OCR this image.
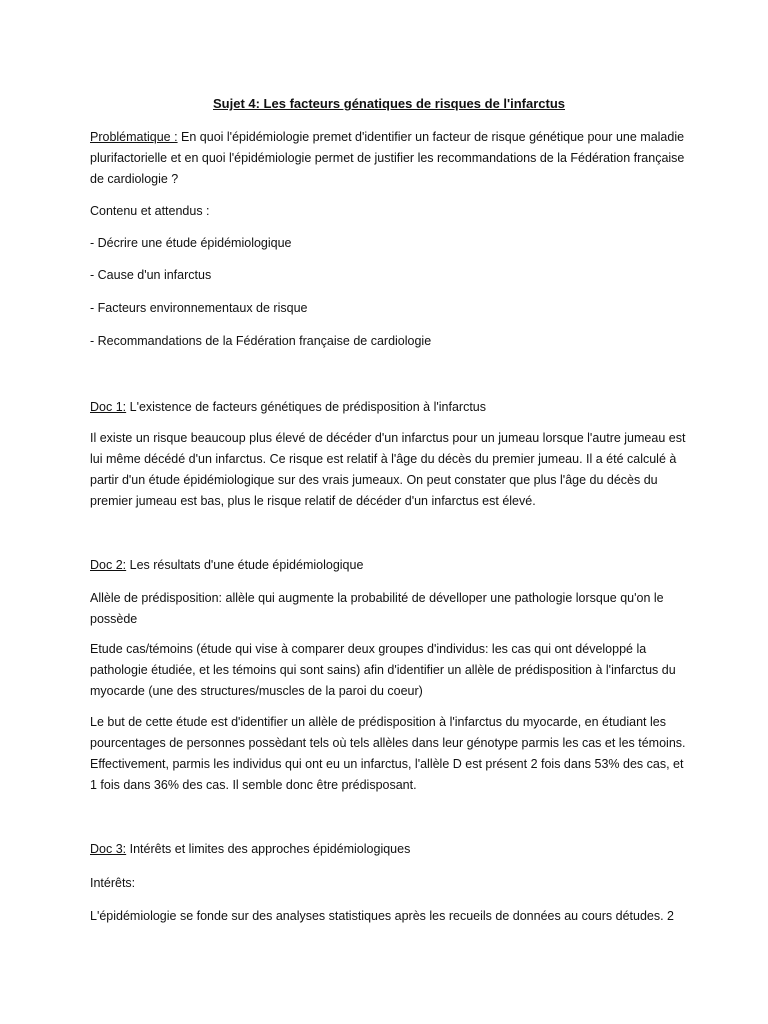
Sujet 4: Les facteurs génatiques de risques de l'infarctus

Problématique : En quoi l'épidémiologie premet d'identifier un facteur de risque génétique pour une maladie plurifactorielle et en quoi l'épidémiologie permet de justifier les recommandations de la Fédération française de cardiologie ?

Contenu et attendus :

- Décrire une étude épidémiologique

- Cause d'un infarctus

- Facteurs environnementaux de risque

- Recommandations de la Fédération française de cardiologie

Doc 1: L'existence de facteurs génétiques de prédisposition à l'infarctus

Il existe un risque beaucoup plus élevé de décéder d'un infarctus pour un jumeau lorsque l'autre jumeau est lui même décédé d'un infarctus. Ce risque est relatif à l'âge du décès du premier jumeau. Il a été calculé à partir d'un étude épidémiologique sur des vrais jumeaux. On peut constater que plus l'âge du décès du premier jumeau est bas, plus le risque relatif de décéder d'un infarctus est élevé.

Doc 2: Les résultats d'une étude épidémiologique

Allèle de prédisposition: allèle qui augmente la probabilité de dévelloper une pathologie lorsque qu'on le possède

Etude cas/témoins (étude qui vise à comparer deux groupes d'individus: les cas qui ont développé la pathologie étudiée, et les témoins qui sont sains) afin d'identifier un allèle de prédisposition à l'infarctus du myocarde (une des structures/muscles de la paroi du coeur)

Le but de cette étude est d'identifier un allèle de prédisposition à l'infarctus du myocarde, en étudiant les pourcentages de personnes possèdant tels où tels allèles dans leur génotype parmis les cas et les témoins. Effectivement, parmis les individus qui ont eu un infarctus, l'allèle D est présent 2 fois dans 53% des cas, et 1 fois dans 36% des cas. Il semble donc être prédisposant.

Doc 3: Intérêts et limites des approches épidémiologiques

Intérêts:

L'épidémiologie se fonde sur des analyses statistiques après les recueils de données au cours détudes. 2
